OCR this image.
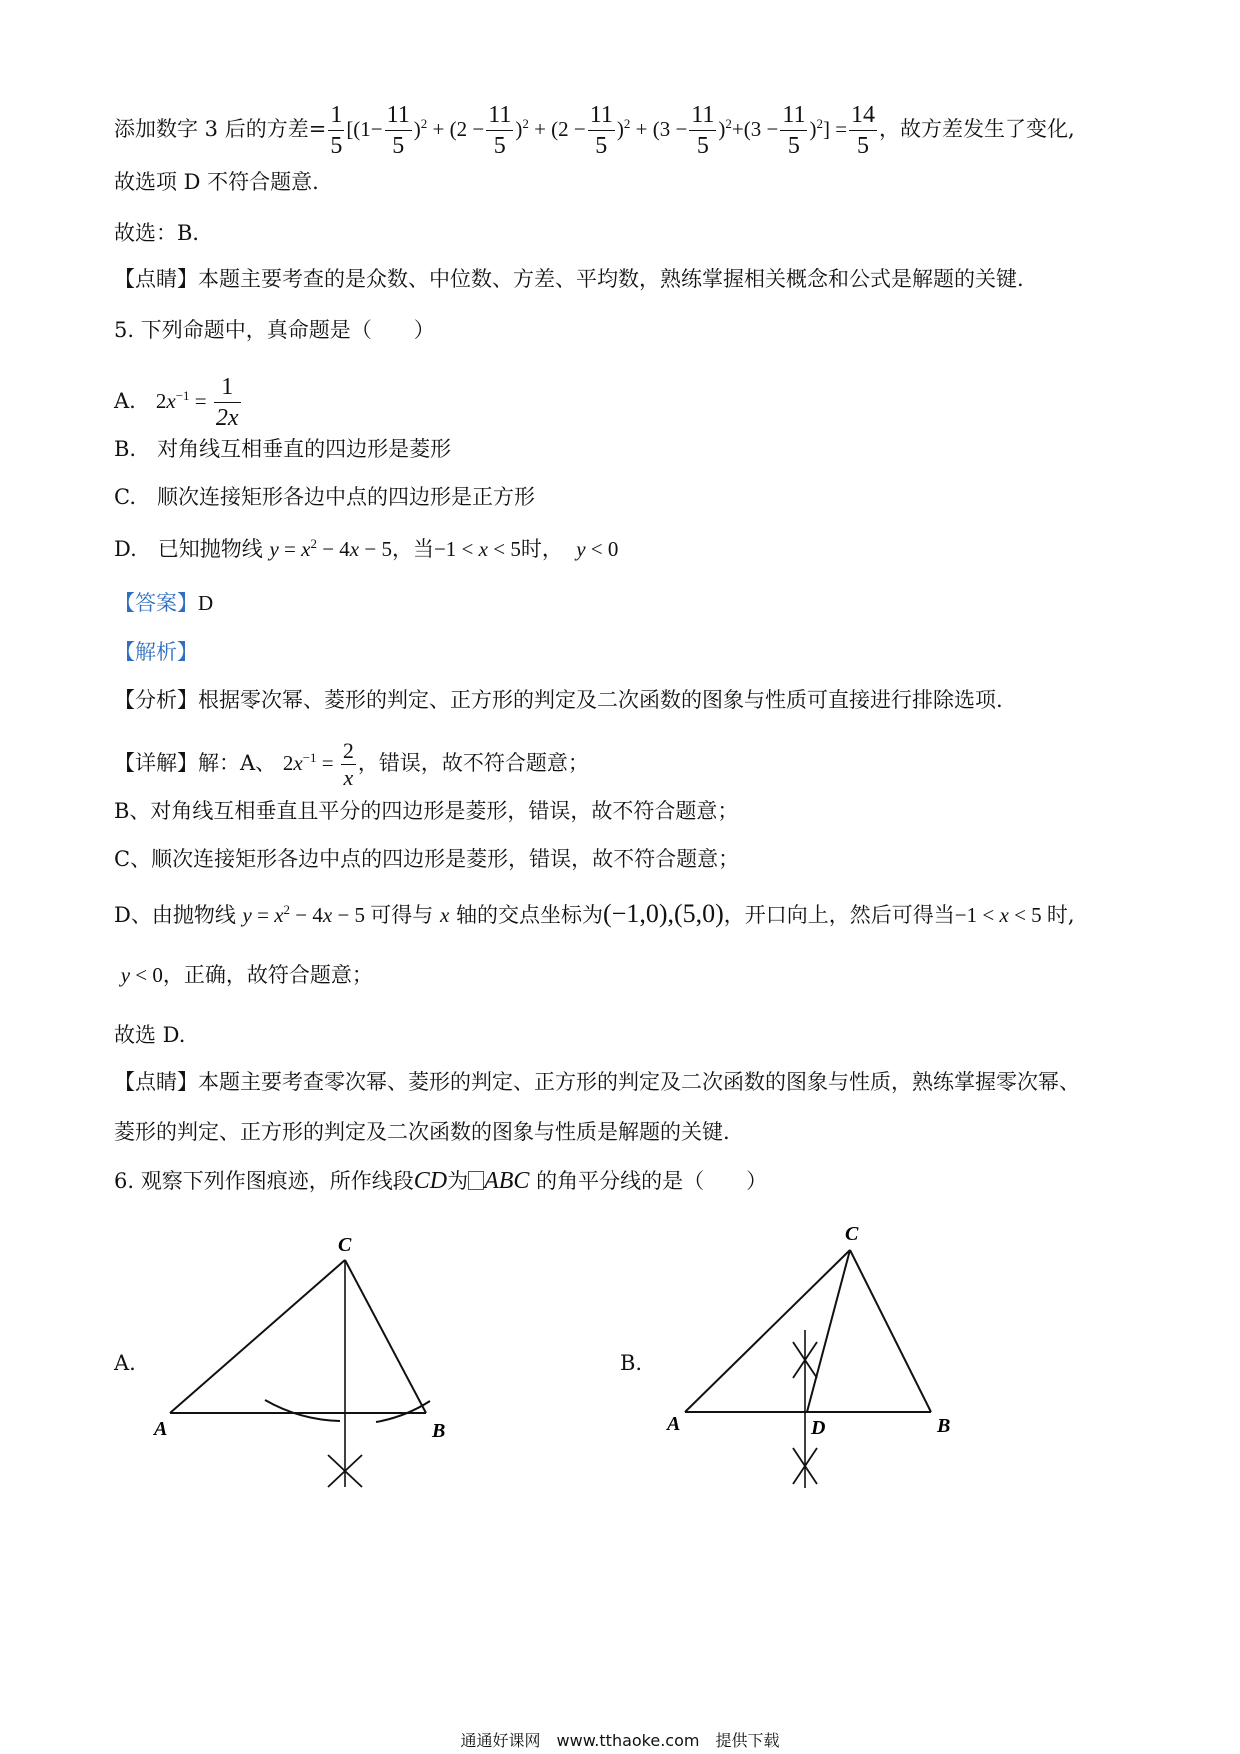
添加数字 3 后的方差= $\frac{1}{5} [(1- \frac{11}{5} )^2 + (2 - \frac{11}{5} )^2 + (2 - \frac{11}{5} )^2 + (3 - \frac{11}{5} )^2+(3 - \frac{11}{5} )^2] = \frac{14}{5}$ ，故方差发生了变化,
故选项 D 不符合题意.
故选：B．
【点睛】本题主要考查的是众数、中位数、方差、平均数，熟练掌握相关概念和公式是解题的关键.
5. 下列命题中，真命题是（　　）
A. $2x^{-1} = \frac{1}{2x}$
B.　对角线互相垂直的四边形是菱形
C.　顺次连接矩形各边中点的四边形是正方形
D.　已知抛物线 $y = x^2 - 4x - 5$，当−1 < x < 5时， y < 0
【答案】D
【解析】
【分析】根据零次幂、菱形的判定、正方形的判定及二次函数的图象与性质可直接进行排除选项.
【详解】解：A、 $2x^{-1} = \frac{2}{x}$ ，错误，故不符合题意；
B、对角线互相垂直且平分的四边形是菱形，错误，故不符合题意；
C、顺次连接矩形各边中点的四边形是菱形，错误，故不符合题意；
D、由抛物线 $y = x^2 - 4x - 5$ 可得与 x 轴的交点坐标为(−1,0),(5,0)，开口向上，然后可得当−1 < x < 5 时,
y < 0，正确，故符合题意；
故选 D.
【点睛】本题主要考查零次幂、菱形的判定、正方形的判定及二次函数的图象与性质，熟练掌握零次幂、
菱形的判定、正方形的判定及二次函数的图象与性质是解题的关键.
6. 观察下列作图痕迹，所作线段CD为 ABC 的角平分线的是（　　）
A.
C
A	B
B.
C
A	B
D
通通好课网　www.tthaoke.com　提供下载
